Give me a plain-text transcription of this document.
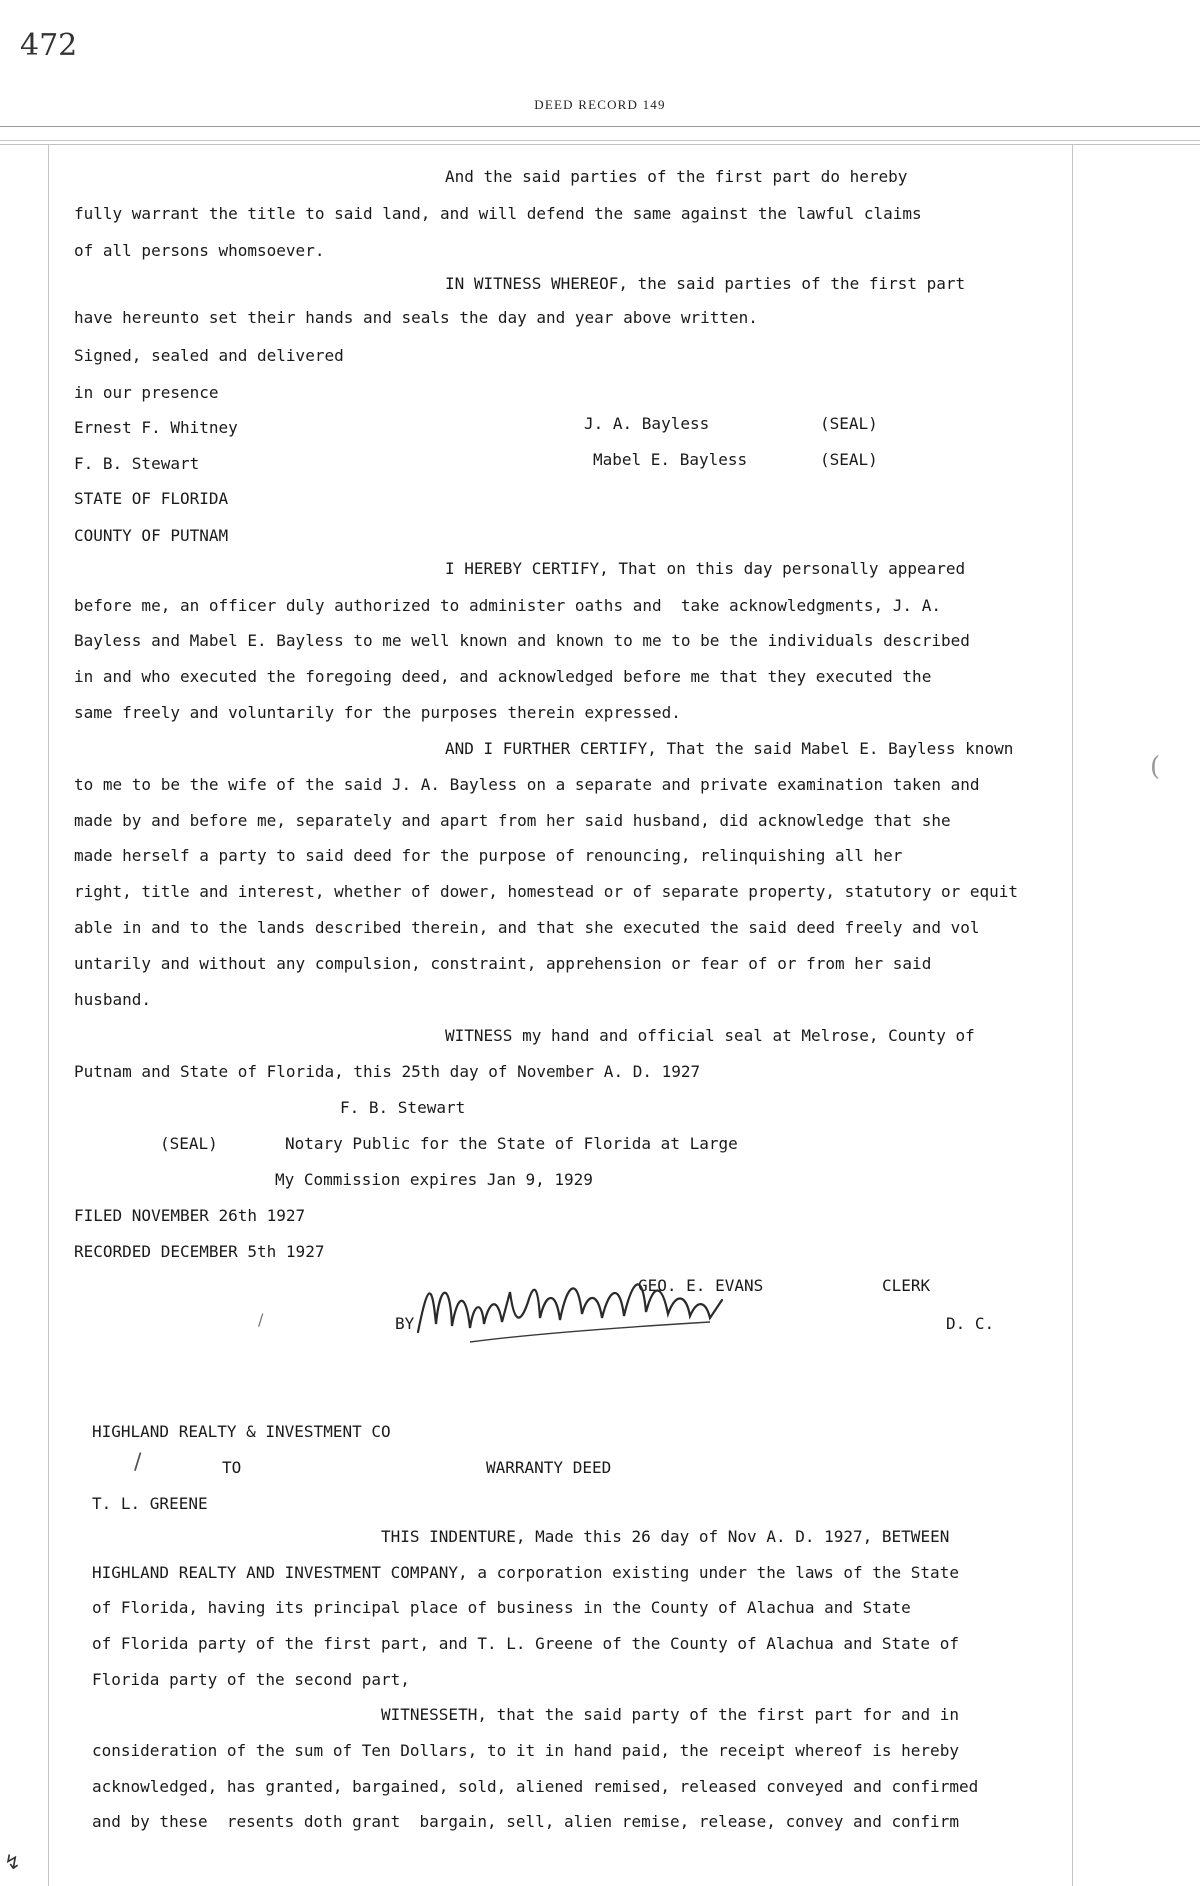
472
DEED RECORD 149
And the said parties of the first part do hereby
fully warrant the title to said land, and will defend the same against the lawful claims
of all persons whomsoever.
IN WITNESS WHEREOF, the said parties of the first part
have hereunto set their hands and seals the day and year above written.
Signed, sealed and delivered
in our presence
Ernest F. Whitney	J. A. Bayless	(SEAL)
F. B. Stewart	Mabel E. Bayless	(SEAL)
STATE OF FLORIDA
COUNTY OF PUTNAM
I HEREBY CERTIFY, That on this day personally appeared
before me, an officer duly authorized to administer oaths and  take acknowledgments, J. A.
Bayless and Mabel E. Bayless to me well known and known to me to be the individuals described
in and who executed the foregoing deed, and acknowledged before me that they executed the
same freely and voluntarily for the purposes therein expressed.
AND I FURTHER CERTIFY, That the said Mabel E. Bayless known
to me to be the wife of the said J. A. Bayless on a separate and private examination taken and
made by and before me, separately and apart from her said husband, did acknowledge that she
made herself a party to said deed for the purpose of renouncing, relinquishing all her
right, title and interest, whether of dower, homestead or of separate property, statutory or equit
able in and to the lands described therein, and that she executed the said deed freely and vol
untarily and without any compulsion, constraint, apprehension or fear of or from her said
husband.
WITNESS my hand and official seal at Melrose, County of
Putnam and State of Florida, this 25th day of November A. D. 1927
F. B. Stewart
(SEAL)	Notary Public for the State of Florida at Large
My Commission expires Jan 9, 1929
FILED NOVEMBER 26th 1927
RECORDED DECEMBER 5th 1927
GEO. E. EVANS	CLERK
BY	D. C.
HIGHLAND REALTY & INVESTMENT CO
TO	WARRANTY DEED
T. L. GREENE
THIS INDENTURE, Made this 26 day of Nov A. D. 1927, BETWEEN
HIGHLAND REALTY AND INVESTMENT COMPANY, a corporation existing under the laws of the State
of Florida, having its principal place of business in the County of Alachua and State
of Florida party of the first part, and T. L. Greene of the County of Alachua and State of
Florida party of the second part,
WITNESSETH, that the said party of the first part for and in
consideration of the sum of Ten Dollars, to it in hand paid, the receipt whereof is hereby
acknowledged, has granted, bargained, sold, aliened remised, released conveyed and confirmed
and by these  resents doth grant  bargain, sell, alien remise, release, convey and confirm
(
↯
/
/
